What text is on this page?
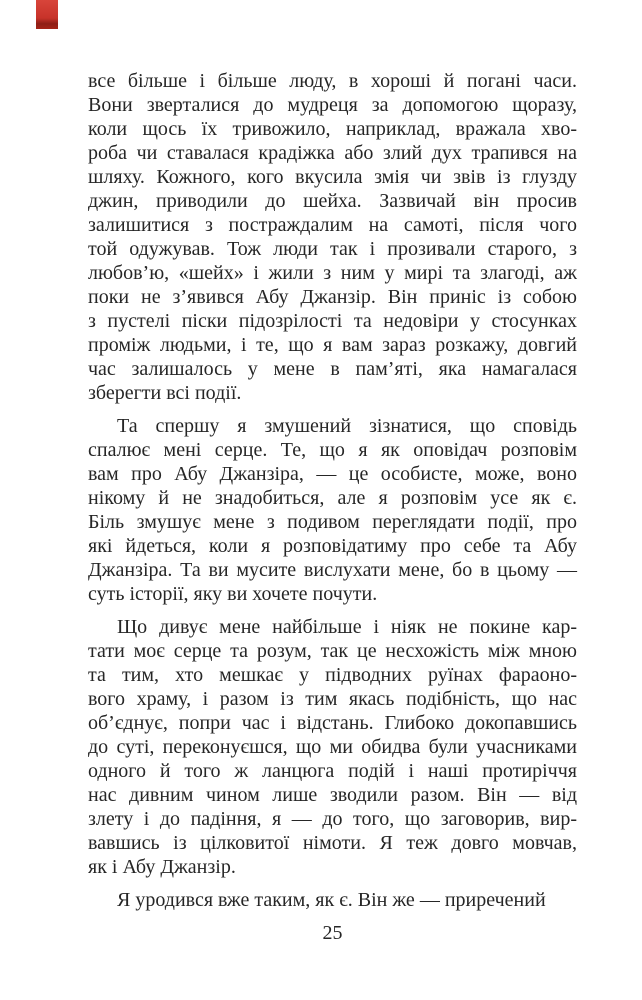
все більше і більше люду, в хороші й погані часи.
Вони зверталися до мудреця за допомогою щоразу,
коли щось їх тривожило, наприклад, вражала хво-
роба чи ставалася крадіжка або злий дух трапився на
шляху. Кожного, кого вкусила змія чи звів із глузду
джин, приводили до шейха. Зазвичай він просив
залишитися з постраждалим на самоті, після чого
той одужував. Тож люди так і прозивали старого, з
любов’ю, «шейх» і жили з ним у мирі та злагоді, аж
поки не з’явився Абу Джанзір. Він приніс із собою
з пустелі піски підозрілості та недовіри у стосунках
проміж людьми, і те, що я вам зараз розкажу, довгий
час залишалось у мене в пам’яті, яка намагалася
зберегти всі події.
Та спершу я змушений зізнатися, що сповідь
спалює мені серце. Те, що я як оповідач розповім
вам про Абу Джанзіра, — це особисте, може, воно
нікому й не знадобиться, але я розповім усе як є.
Біль змушує мене з подивом переглядати події, про
які йдеться, коли я розповідатиму про себе та Абу
Джанзіра. Та ви мусите вислухати мене, бо в цьому —
суть історії, яку ви хочете почути.
Що дивує мене найбільше і ніяк не покине кар-
тати моє серце та розум, так це несхожість між мною
та тим, хто мешкає у підводних руїнах фараоно-
вого храму, і разом із тим якась подібність, що нас
об’єднує, попри час і відстань. Глибоко докопавшись
до суті, переконуєшся, що ми обидва були учасниками
одного й того ж ланцюга подій і наші протиріччя
нас дивним чином лише зводили разом. Він — від
злету і до падіння, я — до того, що заговорив, вир-
вавшись із цілковитої німоти. Я теж довго мовчав,
як і Абу Джанзір.
Я уродився вже таким, як є. Він же — приречений
25
